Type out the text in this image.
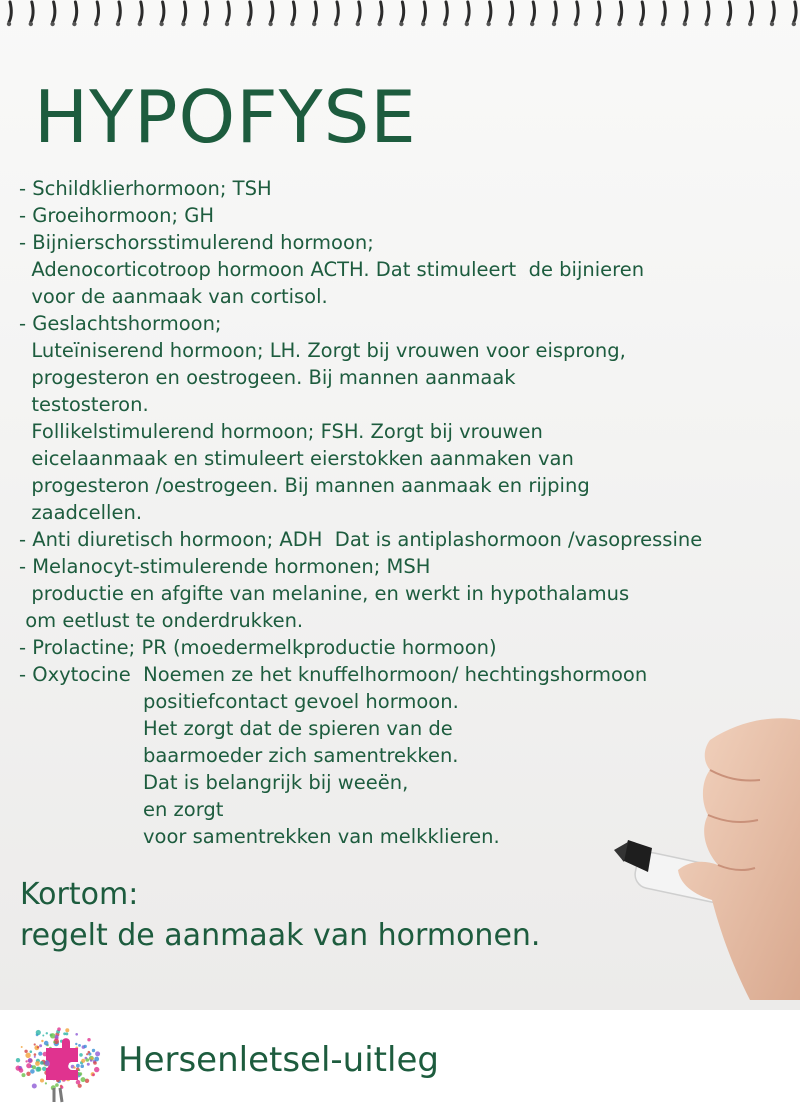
HYPOFYSE
- Schildklierhormoon; TSH
- Groeihormoon; GH
- Bijnierschorsstimulerend hormoon;
Adenocorticotroop hormoon ACTH. Dat stimuleert  de bijnieren
voor de aanmaak van cortisol.
- Geslachtshormoon;
Luteïniserend hormoon; LH. Zorgt bij vrouwen voor eisprong,
progesteron en oestrogeen. Bij mannen aanmaak
testosteron.
Follikelstimulerend hormoon; FSH. Zorgt bij vrouwen
eicelaanmaak en stimuleert eierstokken aanmaken van
progesteron /oestrogeen. Bij mannen aanmaak en rijping
zaadcellen.
- Anti diuretisch hormoon; ADH  Dat is antiplashormoon /vasopressine
- Melanocyt-stimulerende hormonen; MSH
productie en afgifte van melanine, en werkt in hypothalamus
om eetlust te onderdrukken.
- Prolactine; PR (moedermelkproductie hormoon)
- Oxytocine  Noemen ze het knuffelhormoon/ hechtingshormoon
positiefcontact gevoel hormoon.
Het zorgt dat de spieren van de
baarmoeder zich samentrekken.
Dat is belangrijk bij weeën,
en zorgt
voor samentrekken van melkklieren.
Kortom:
regelt de aanmaak van hormonen.
Hersenletsel-uitleg
